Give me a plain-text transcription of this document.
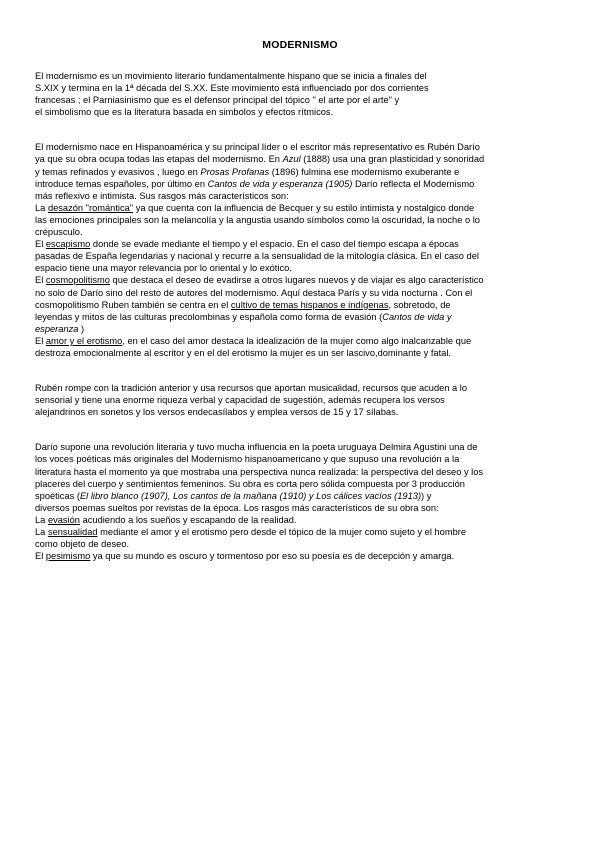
MODERNISMO
El modernismo es un movimiento literario fundamentalmente hispano que se inicia a finales del
S.XIX y termina en la 1ª década del S.XX. Este movimiento está influenciado por dos corrientes
francesas ; el Parniasinismo que es el defensor principal del tópico " el arte por el arte" y
el simbolismo que es la literatura basada en simbolos y efectos rítmicos.
El modernismo nace en Hispanoamérica y su principal líder o el escritor más representativo es Rubén Darío
ya que su obra ocupa todas las etapas del modernismo. En Azul (1888) usa una gran plasticidad y sonoridad
y temas refinados y evasivos , luego en Prosas Profanas (1896) fulmina ese modernismo exuberante e
introduce temas españoles, por último en Cantos de vida y esperanza (1905) Darío reflecta el Modernismo
más reflexivo e intimista. Sus rasgos más característicos son:
La desazón "romántica" ya que cuenta con la influencia de Becquer y su estilo intimista y nostalgico donde
las emociones principales son la melancolía y la angustia usando símbolos como la oscuridad, la noche o lo
crépusculo.
El escapismo donde se evade mediante el tiempo y el espacio. En el caso del tiempo escapa a épocas
pasadas de España legendarias y nacional y recurre a la sensualidad de la mitología clásica. En el caso del
espacio tiene una mayor relevancia por lo oriental y lo exótico.
El cosmopolitismo que destaca el deseo de evadirse a otros lugares nuevos y de viajar es algo característico
no solo de Darío sino del resto de autores del modernismo. Aquí destaca París y su vida nocturna . Con el
cosmopolitismo Ruben también se centra en el cultivo de temas hispanos e indígenas, sobretodo, de
leyendas y mitos de las culturas precolombinas y española como forma de evasión (Cantos de vida y
esperanza )
El amor y el erotismo, en el caso del amor destaca la idealización de la mujer como algo inalcanzable que
destroza emocionalmente al escritor y en el del erotismo la mujer es un ser lascivo,dominante y fatal.
Rubén rompe con la tradición anterior y usa recursos que aportan musicalidad, recursos que acuden a lo
sensorial y tiene una enorme riqueza verbal y capacidad de sugestión, además recupera los versos
alejandrinos en sonetos y los versos endecasílabos y emplea versos de 15 y 17 sílabas.
Darío supone una revolución literaria y tuvo mucha influencia en la poeta uruguaya Delmira Agustini una de
los voces poéticas más originales del Modernismo hispanoamericano y que supuso una revolución a la
literatura hasta el momento ya que mostraba una perspectiva nunca realizada: la perspectiva del deseo y los
placeres del cuerpo y sentimientos femeninos. Su obra es corta pero sólida compuesta por 3 producción
spoéticas (El libro blanco (1907), Los cantos de la mañana (1910) y Los cálices vacíos (1913)) y
diversos poemas sueltos por revistas de la época. Los rasgos más característicos de su obra son:
La evasión acudiendo a los sueños y escapando de la realidad.
La sensualidad mediante el amor y el erotismo pero desde el tópico de la mujer como sujeto y el hombre
como objeto de deseo.
El pesimismo ya que su mundo es oscuro y tormentoso por eso su poesía es de decepción y amarga.
